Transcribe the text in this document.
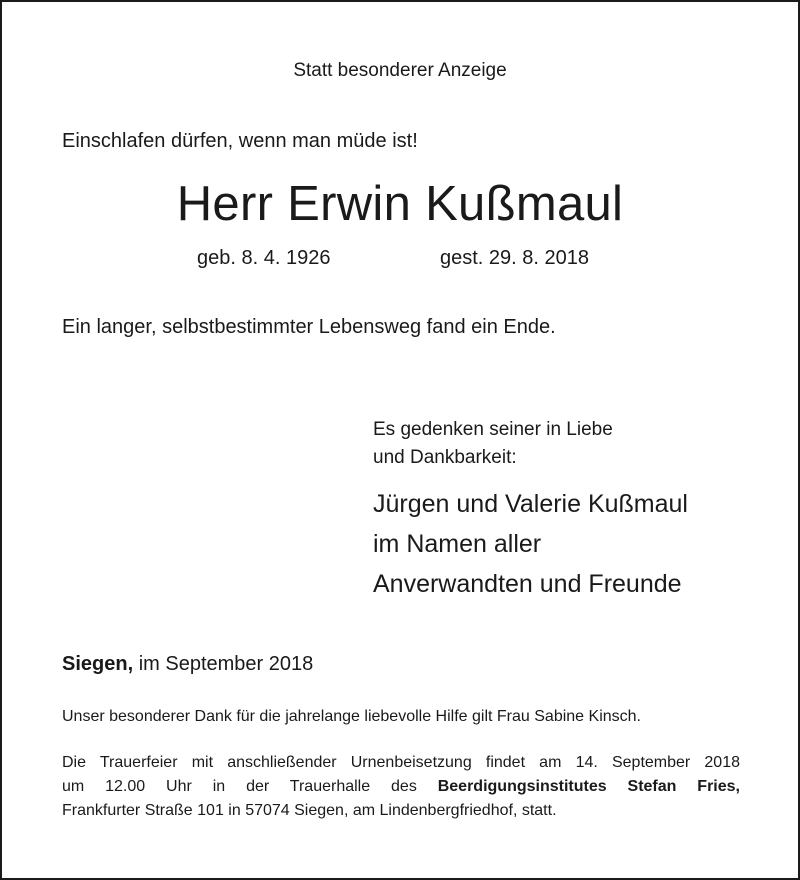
Statt besonderer Anzeige
Einschlafen dürfen, wenn man müde ist!
Herr Erwin Kußmaul
geb. 8. 4. 1926	gest. 29. 8. 2018
Ein langer, selbstbestimmter Lebensweg fand ein Ende.
Es gedenken seiner in Liebe
und Dankbarkeit:
Jürgen und Valerie Kußmaul
im Namen aller
Anverwandten und Freunde
Siegen, im September 2018
Unser besonderer Dank für die jahrelange liebevolle Hilfe gilt Frau Sabine Kinsch.
Die Trauerfeier mit anschließender Urnenbeisetzung findet am 14. September 2018
um 12.00 Uhr in der Trauerhalle des Beerdigungsinstitutes Stefan Fries,
Frankfurter Straße 101 in 57074 Siegen, am Lindenbergfriedhof, statt.
